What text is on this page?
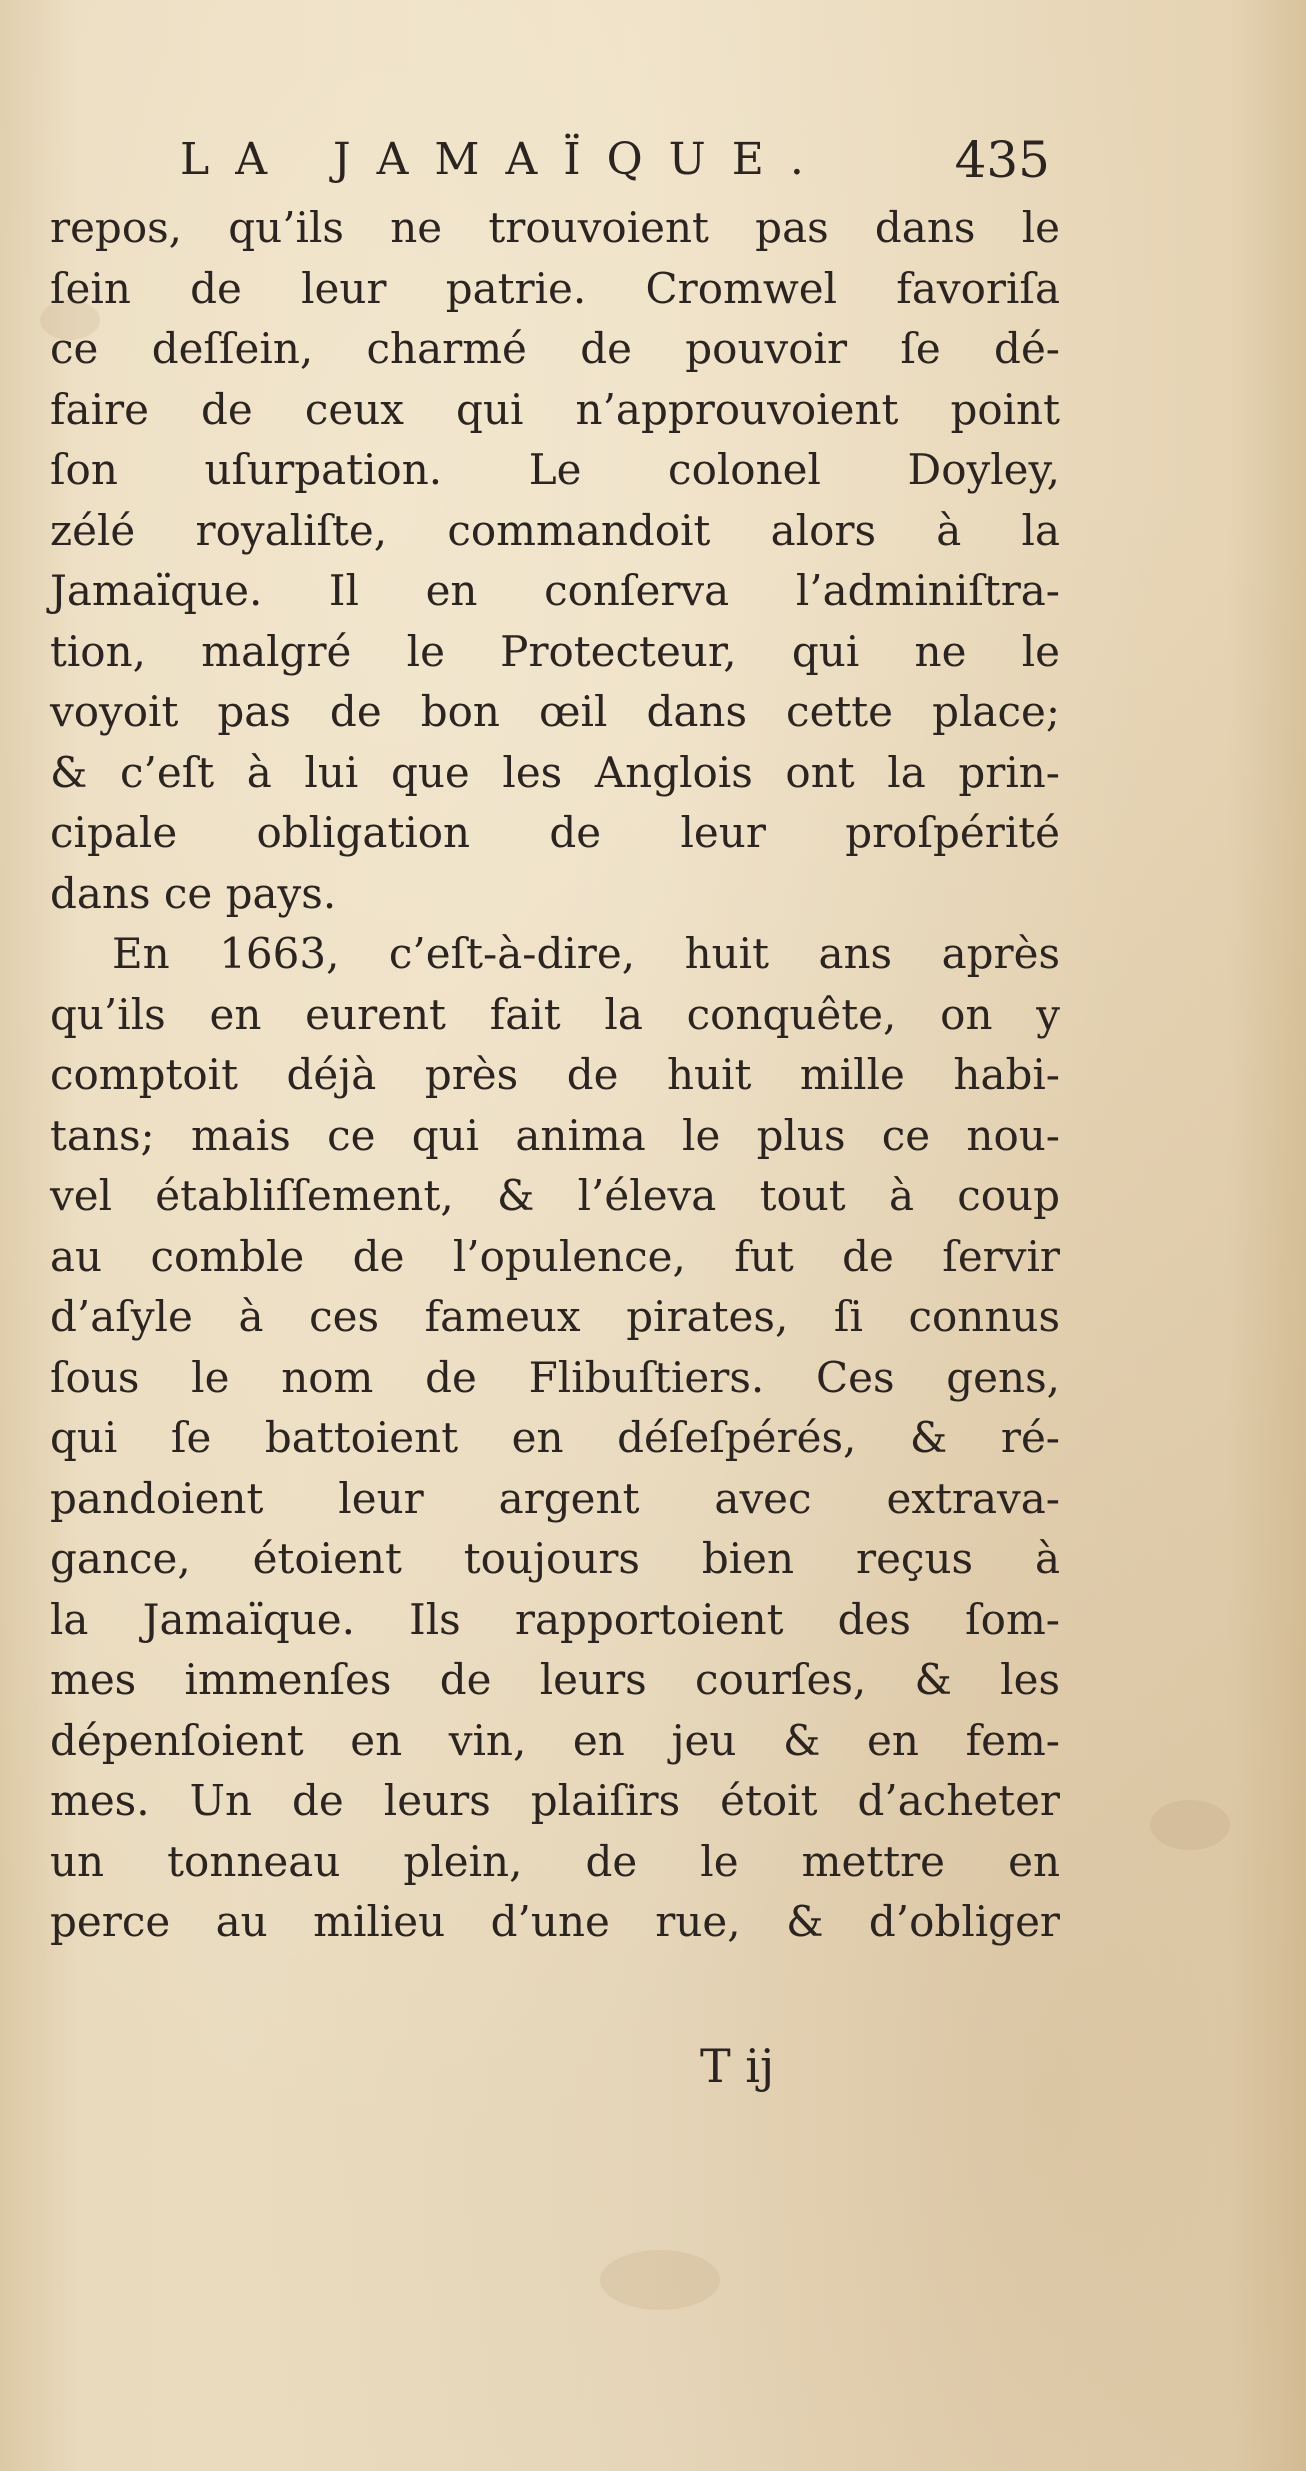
LA JAMAÏQUE. 435
repos, qu’ils ne trouvoient pas dans le
ſein de leur patrie. Cromwel favoriſa
ce deſſein, charmé de pouvoir ſe dé-
faire de ceux qui n’approuvoient point
ſon uſurpation. Le colonel Doyley,
zélé royaliſte, commandoit alors à la
Jamaïque. Il en conſerva l’adminiſtra-
tion, malgré le Protecteur, qui ne le
voyoit pas de bon œil dans cette place;
& c’eſt à lui que les Anglois ont la prin-
cipale obligation de leur proſpérité
dans ce pays.
En 1663, c’eſt-à-dire, huit ans après
qu’ils en eurent fait la conquête, on y
comptoit déjà près de huit mille habi-
tans; mais ce qui anima le plus ce nou-
vel établiſſement, & l’éleva tout à coup
au comble de l’opulence, fut de ſervir
d’aſyle à ces fameux pirates, ſi connus
ſous le nom de Flibuſtiers. Ces gens,
qui ſe battoient en déſeſpérés, & ré-
pandoient leur argent avec extrava-
gance, étoient toujours bien reçus à
la Jamaïque. Ils rapportoient des ſom-
mes immenſes de leurs courſes, & les
dépenſoient en vin, en jeu & en fem-
mes. Un de leurs plaiſirs étoit d’acheter
un tonneau plein, de le mettre en
perce au milieu d’une rue, & d’obliger
T ij
